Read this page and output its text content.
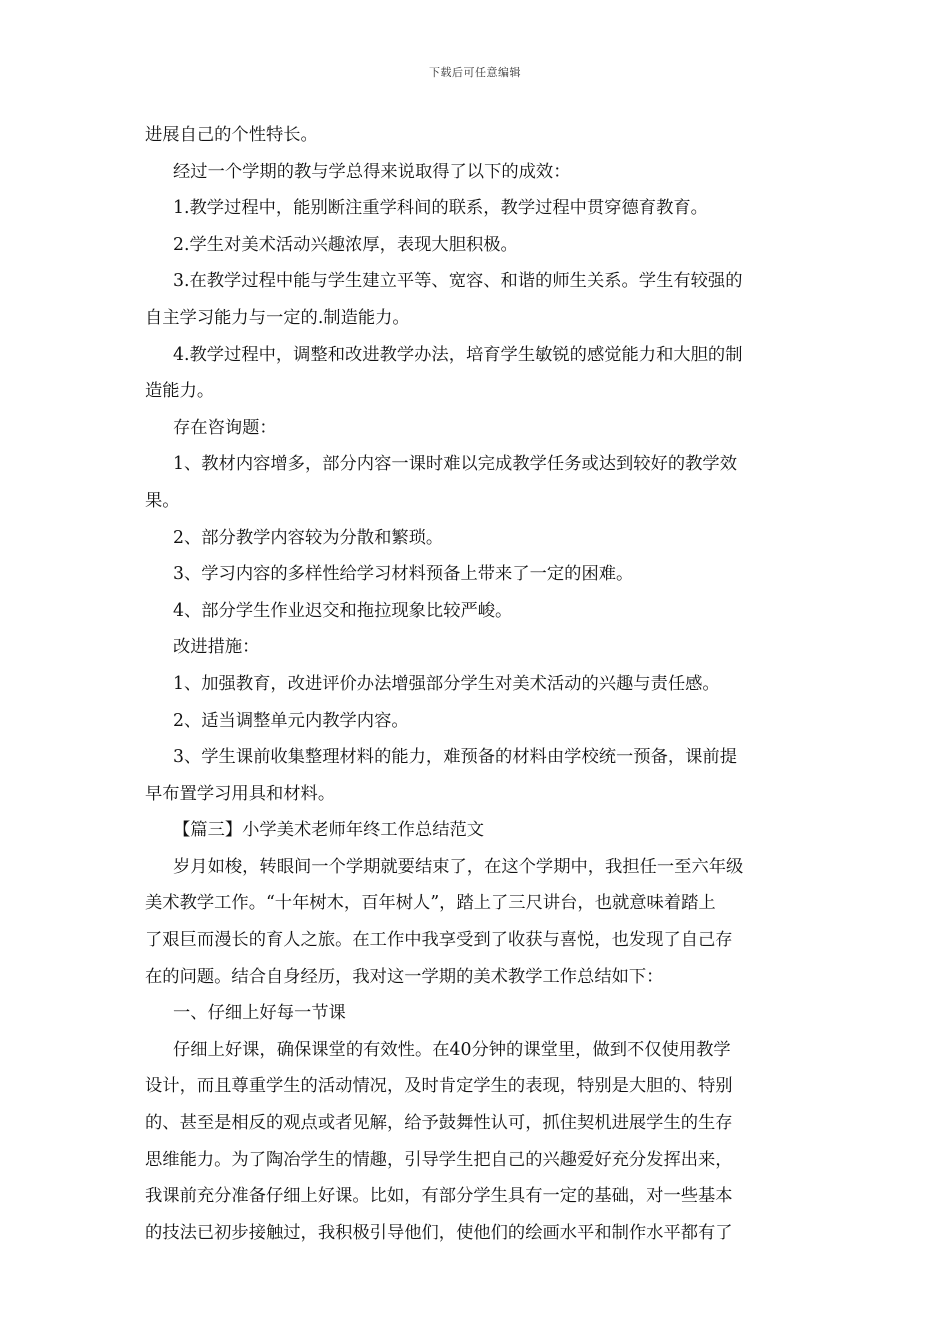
下载后可任意编辑

进展自己的个性特长。

经过一个学期的教与学总得来说取得了以下的成效：

1.教学过程中，能别断注重学科间的联系，教学过程中贯穿德育教育。

2.学生对美术活动兴趣浓厚，表现大胆积极。

3.在教学过程中能与学生建立平等、宽容、和谐的师生关系。学生有较强的

自主学习能力与一定的.制造能力。

4.教学过程中，调整和改进教学办法，培育学生敏锐的感觉能力和大胆的制

造能力。

存在咨询题：

1、教材内容增多，部分内容一课时难以完成教学任务或达到较好的教学效

果。

2、部分教学内容较为分散和繁琐。

3、学习内容的多样性给学习材料预备上带来了一定的困难。

4、部分学生作业迟交和拖拉现象比较严峻。

改进措施：

1、加强教育，改进评价办法增强部分学生对美术活动的兴趣与责任感。

2、适当调整单元内教学内容。

3、学生课前收集整理材料的能力，难预备的材料由学校统一预备，课前提

早布置学习用具和材料。

【篇三】小学美术老师年终工作总结范文

岁月如梭，转眼间一个学期就要结束了，在这个学期中，我担任一至六年级

美术教学工作。“十年树木，百年树人”，踏上了三尺讲台，也就意味着踏上

了艰巨而漫长的育人之旅。在工作中我享受到了收获与喜悦，也发现了自己存

在的问题。结合自身经历，我对这一学期的美术教学工作总结如下：

一、仔细上好每一节课

仔细上好课，确保课堂的有效性。在40分钟的课堂里，做到不仅使用教学

设计，而且尊重学生的活动情况，及时肯定学生的表现，特别是大胆的、特别

的、甚至是相反的观点或者见解，给予鼓舞性认可，抓住契机进展学生的生存

思维能力。为了陶冶学生的情趣，引导学生把自己的兴趣爱好充分发挥出来，

我课前充分准备仔细上好课。比如，有部分学生具有一定的基础，对一些基本

的技法已初步接触过，我积极引导他们，使他们的绘画水平和制作水平都有了
